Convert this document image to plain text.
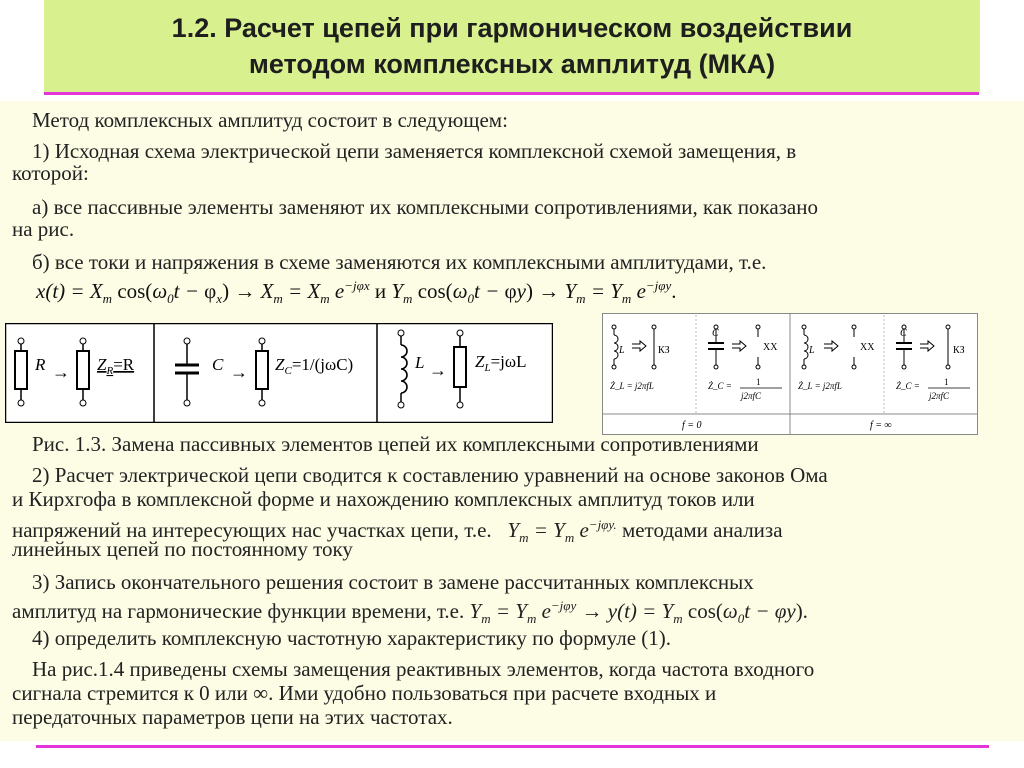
1.2. Расчет цепей при гармоническом воздействии
методом комплексных амплитуд (МКА)
Метод комплексных амплитуд состоит в следующем:
1) Исходная схема электрической цепи заменяется комплексной схемой замещения, в
которой:
а) все пассивные элементы заменяют их комплексными сопротивлениями, как показано
на рис.
б) все токи и напряжения в схеме заменяются их комплексными амплитудами, т.е.
$x(t) = X_m$ $\cos(\omega_0t - \varphi_x) \to X_m = X_m$ $e^{-j\varphi x}$ и $Y_m$ $\cos(\omega_0t - \varphi y) \to Y_m = Y_m$ $e^{-j\varphi y}$.
$R \to Z_R=R$	$C \to Z_C=1/(j\omega C)$	$L \to Z_L=j\omega L$
L	КЗ
Ż_L = j2πfL
C
XX
Ż_C =	1
j2πfC
L	XX
Ż_L = j2πfL
C
КЗ
Ż_C =	1
j2πfC
f = 0	f = ∞
Рис. 1.3. Замена пассивных элементов цепей их комплексными сопротивлениями
2) Расчет электрической цепи сводится к составлению уравнений на основе законов Ома
и Кирхгофа в комплексной форме и нахождению комплексных амплитуд токов или
напряжений на интересующих нас участках цепи, т.е.   $Y_m = Y_m$ $e^{-j\varphi y.}$ методами анализа
линейных цепей по постоянному току
3) Запись окончательного решения состоит в замене рассчитанных комплексных
амплитуд на гармонические функции времени, т.е. $Y_m = Y_m$ $e^{-j\varphi y} \to y(t) = Y_m$ $\cos(\omega_0t - \varphi y)$.
4) определить комплексную частотную характеристику по формуле (1).
На рис.1.4 приведены схемы замещения реактивных элементов, когда частота входного
сигнала стремится к 0 или ∞. Ими удобно пользоваться при расчете входных и
передаточных параметров цепи на этих частотах.
